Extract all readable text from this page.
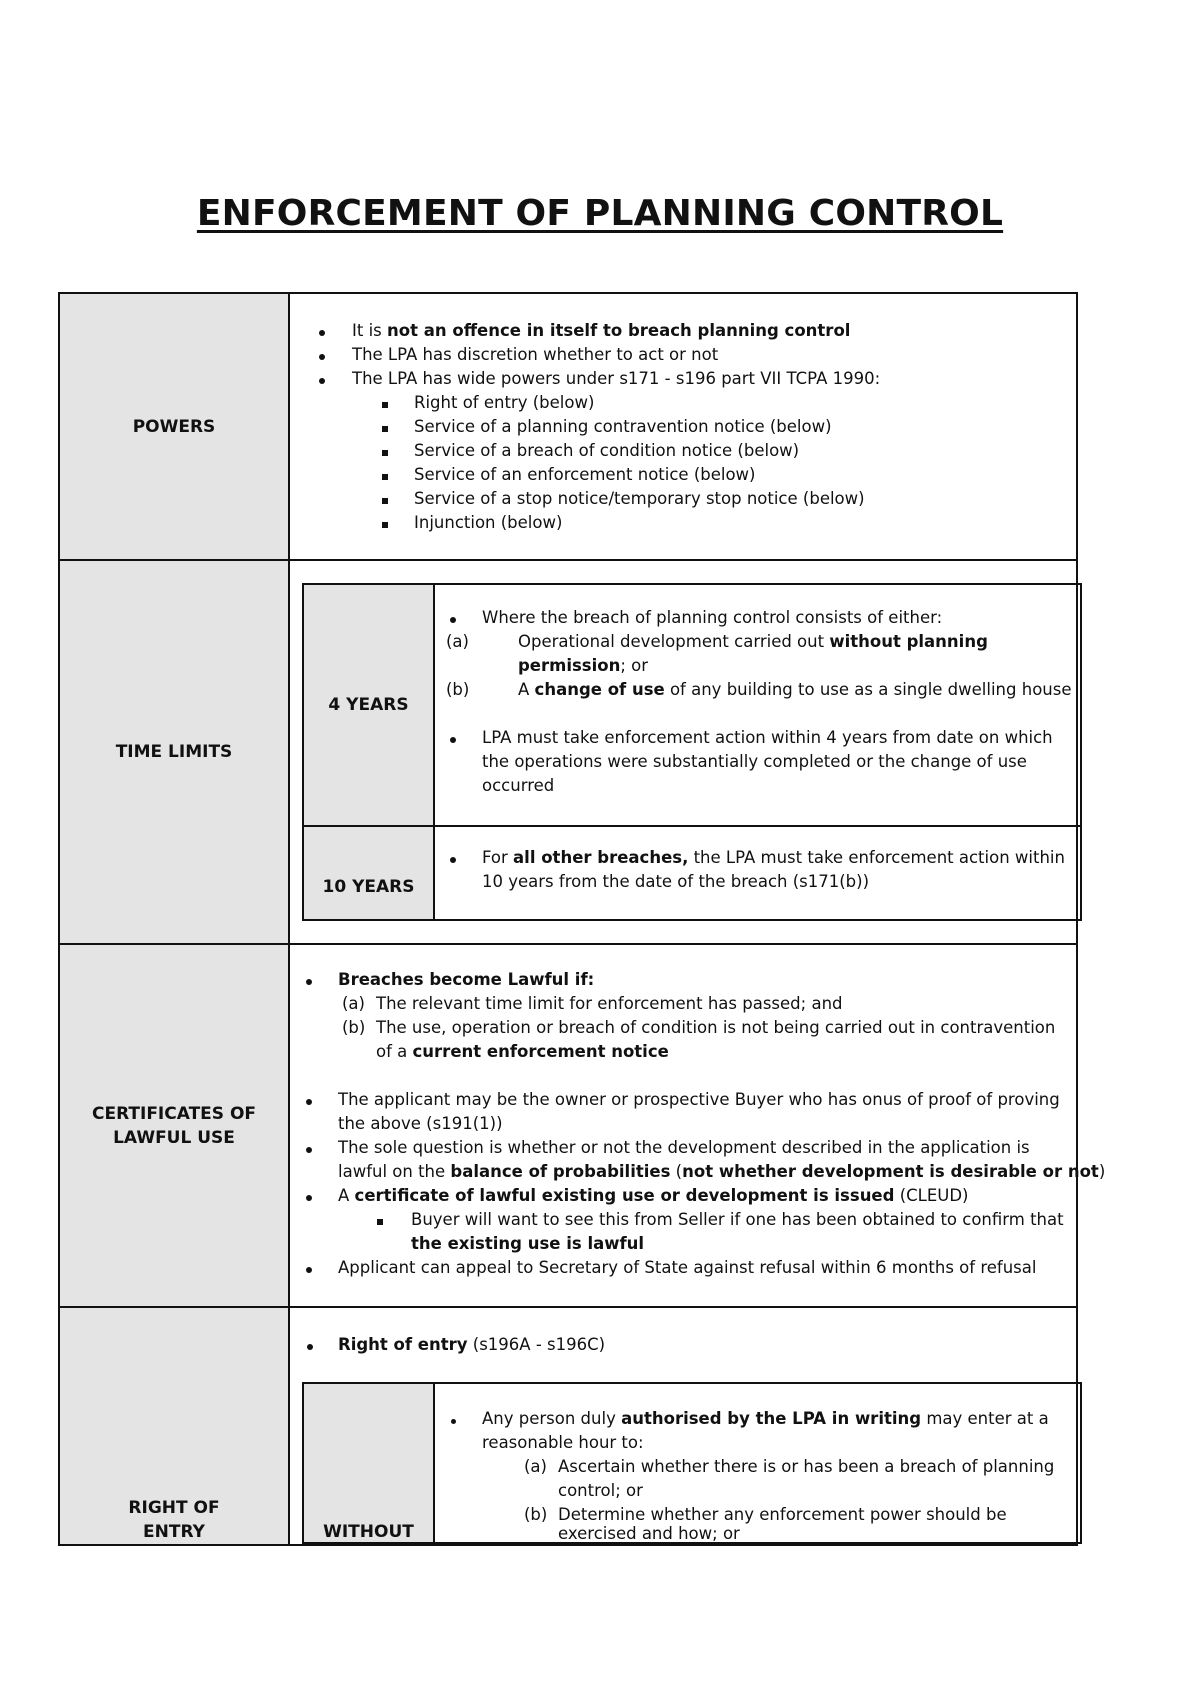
ENFORCEMENT OF PLANNING CONTROL
POWERS
It is not an offence in itself to breach planning control
The LPA has discretion whether to act or not
The LPA has wide powers under s171 - s196 part VII TCPA 1990:
Right of entry (below)
Service of a planning contravention notice (below)
Service of a breach of condition notice (below)
Service of an enforcement notice (below)
Service of a stop notice/temporary stop notice (below)
Injunction (below)
TIME LIMITS
4 YEARS
10 YEARS
Where the breach of planning control consists of either:
(a)	Operational development carried out without planning
permission; or
(b)	A change of use of any building to use as a single dwelling house
LPA must take enforcement action within 4 years from date on which
the operations were substantially completed or the change of use
occurred
For all other breaches, the LPA must take enforcement action within
10 years from the date of the breach (s171(b))
CERTIFICATES OF
LAWFUL USE
Breaches become Lawful if:
(a) The relevant time limit for enforcement has passed; and
(b) The use, operation or breach of condition is not being carried out in contravention
of a current enforcement notice
The applicant may be the owner or prospective Buyer who has onus of proof of proving
the above (s191(1))
The sole question is whether or not the development described in the application is
lawful on the balance of probabilities (not whether development is desirable or not)
A certificate of lawful existing use or development is issued (CLEUD)
Buyer will want to see this from Seller if one has been obtained to confirm that
the existing use is lawful
Applicant can appeal to Secretary of State against refusal within 6 months of refusal
RIGHT OF
ENTRY
Right of entry (s196A - s196C)
WITHOUT
Any person duly authorised by the LPA in writing may enter at a
reasonable hour to:
(a) Ascertain whether there is or has been a breach of planning
control; or
(b) Determine whether any enforcement power should be
exercised and how; or
